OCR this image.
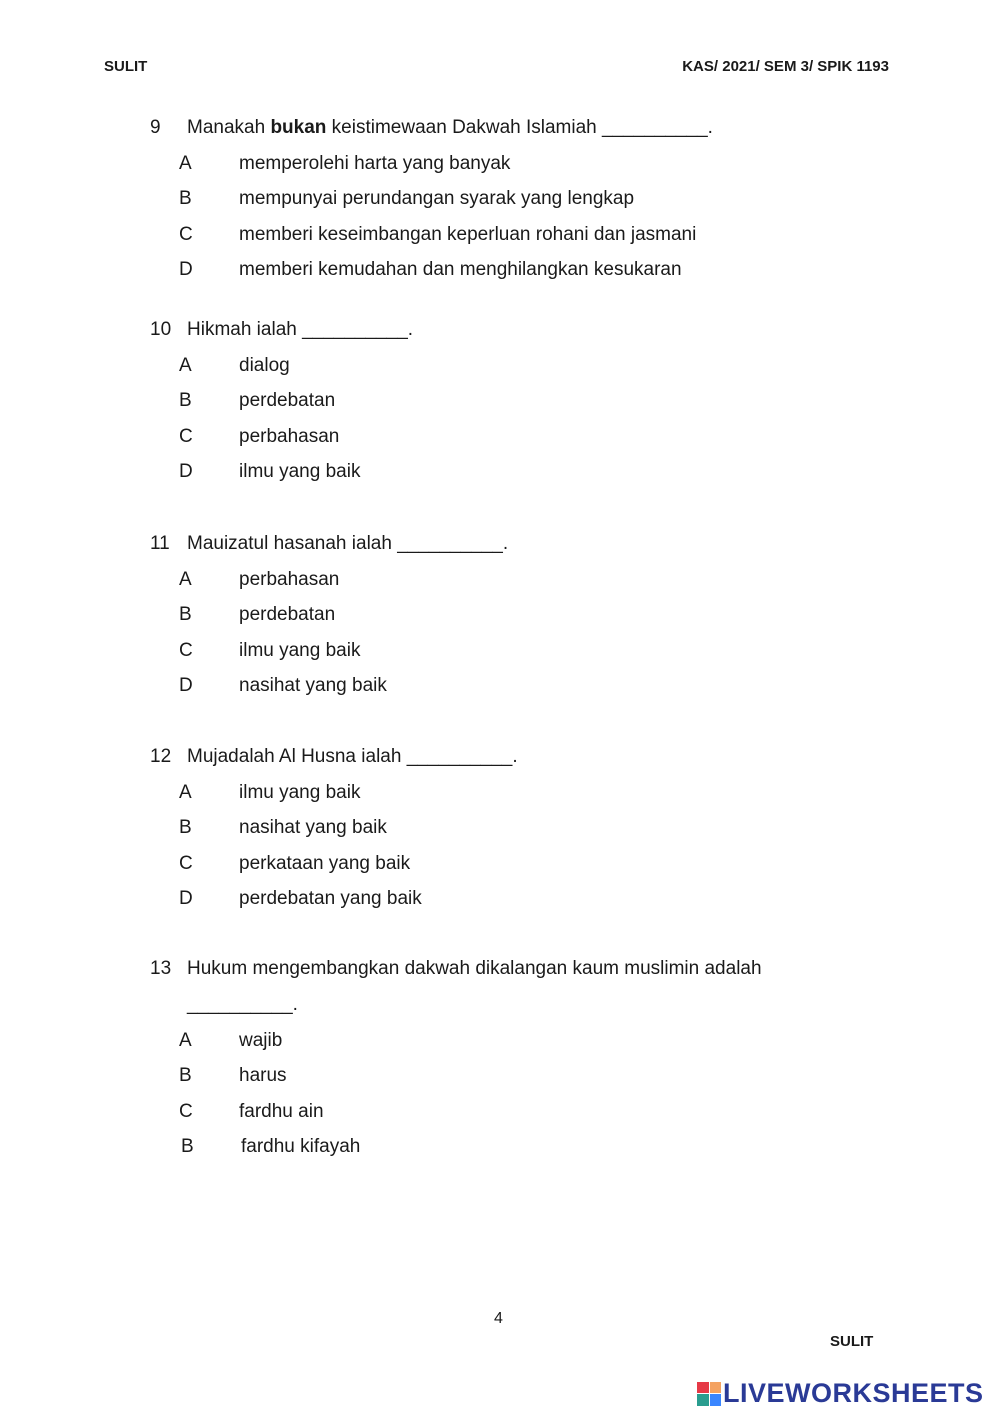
SULIT	KAS/ 2021/ SEM 3/ SPIK 1193
9	Manakah bukan keistimewaan Dakwah Islamiah __________.
A	memperolehi harta yang banyak
B	mempunyai perundangan syarak yang lengkap
C	memberi keseimbangan keperluan rohani dan jasmani
D	memberi kemudahan dan menghilangkan kesukaran
10 Hikmah ialah __________.
A	dialog
B	perdebatan
C	perbahasan
D	ilmu yang baik
11 Mauizatul hasanah ialah __________.
A	perbahasan
B	perdebatan
C	ilmu yang baik
D	nasihat yang baik
12 Mujadalah Al Husna ialah __________.
A	ilmu yang baik
B	nasihat yang baik
C	perkataan yang baik
D	perdebatan yang baik
13 Hukum mengembangkan dakwah dikalangan kaum muslimin adalah
__________.
A	wajib
B	harus
C	fardhu ain
B	fardhu kifayah
4
SULIT
LIVEWORKSHEETS
